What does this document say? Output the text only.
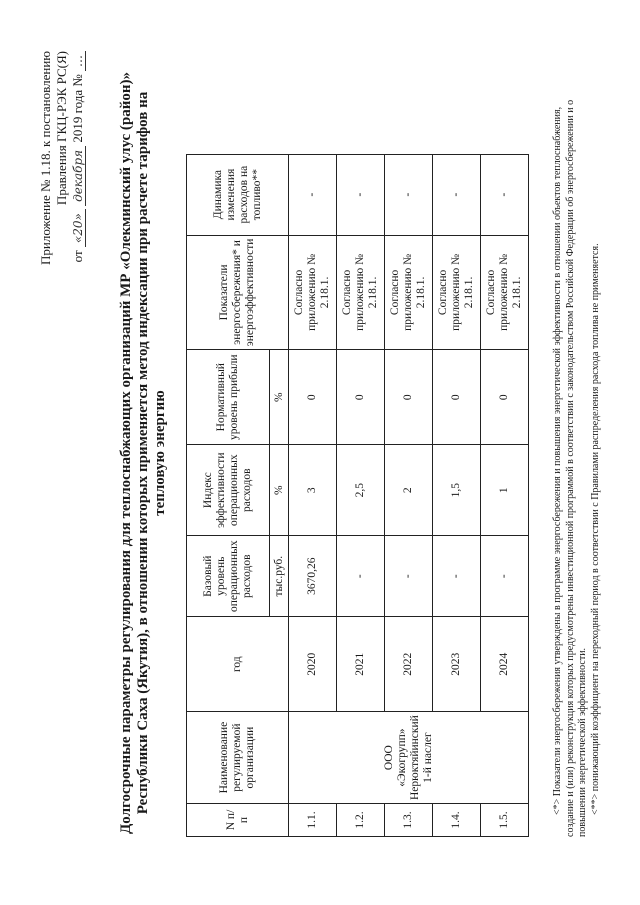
Приложение № 1.18. к постановлению Правления ГКЦ-РЭК РС(Я)
от «20» декабря 2019 года № …
Долгосрочные параметры регулирования для теплоснабжающих организаций МР «Олекминский улус (район)» Республики Саха (Якутия), в отношении которых применяется метод индексации при расчете тарифов на тепловую энергию
N п/п	Наименование регулируемой организации	год	Базовый уровень операционных расходов	Индекс эффективности операционных расходов	Нормативный уровень прибыли	Показатели энергосбережения* и энергоэффективности	Динамика изменения расходов на топливо**
			тыс.руб.	%	%		
1.1.	ООО «Экогрупп» Нерюктяйинский 1-й наслег	2020	3670,26	3	0	Согласно приложению № 2.18.1.	-
1.2.		2021	-	2,5	0	Согласно приложению № 2.18.1.	-
1.3.		2022	-	2	0	Согласно приложению № 2.18.1.	-
1.4.		2023	-	1,5	0	Согласно приложению № 2.18.1.	-
1.5.		2024	-	1	0	Согласно приложению № 2.18.1.	-	<*> Показатели энергосбережения утверждены в программе энергосбережения и повышения энергетической эффективности в отношении объектов теплоснабжения, создание и (или) реконструкция которых предусмотрены инвестиционной программой в соответствии с законодательством Российской Федерации об энергосбережении и о повышении энергетической эффективности. <**> понижающий коэффициент на переходный период в соответствии с Правилами распределения расхода топлива не применяется.
